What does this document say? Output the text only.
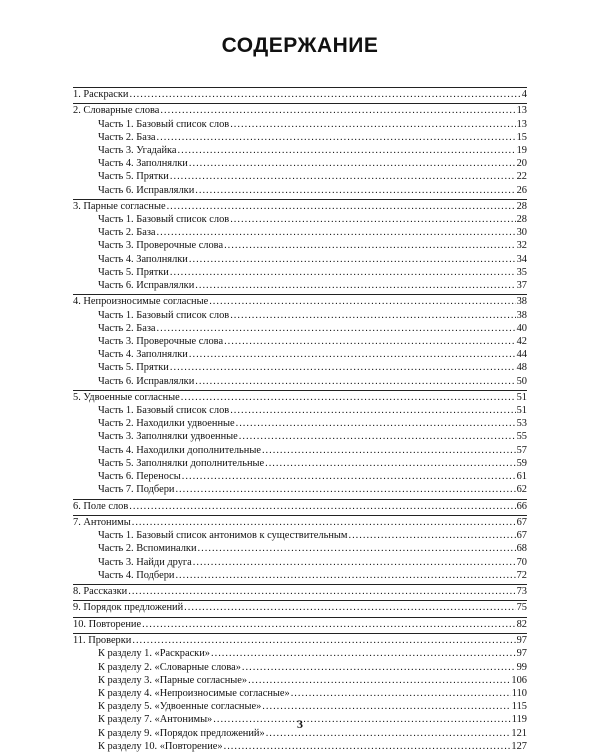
СОДЕРЖАНИЕ
1. Раскраски .....	4
2. Словарные слова .....	13
Часть 1. Базовый список слов .....	13
Часть 2. База .....	15
Часть 3. Угадайка .....	19
Часть 4. Заполнялки .....	20
Часть 5. Прятки .....	22
Часть 6. Исправлялки .....	26
3. Парные согласные .....	28
Часть 1. Базовый список слов .....	28
Часть 2. База .....	30
Часть 3. Проверочные слова .....	32
Часть 4. Заполнялки .....	34
Часть 5. Прятки .....	35
Часть 6. Исправлялки .....	37
4. Непроизносимые согласные .....	38
Часть 1. Базовый список слов .....	38
Часть 2. База .....	40
Часть 3. Проверочные слова .....	42
Часть 4. Заполнялки .....	44
Часть 5. Прятки .....	48
Часть 6. Исправлялки .....	50
5. Удвоенные согласные .....	51
Часть 1. Базовый список слов .....	51
Часть 2. Находилки удвоенные .....	53
Часть 3. Заполнялки удвоенные .....	55
Часть 4. Находилки дополнительные .....	57
Часть 5. Заполнялки дополнительные .....	59
Часть 6. Переносы .....	61
Часть 7. Подбери .....	62
6. Поле слов .....	66
7. Антонимы .....	67
Часть 1. Базовый список антонимов к существительным .....	67
Часть 2. Вспоминалки .....	68
Часть 3. Найди друга .....	70
Часть 4. Подбери .....	72
8. Рассказки .....	73
9. Порядок предложений .....	75
10. Повторение .....	82
11. Проверки .....	97
К разделу 1. «Раскраски» .....	97
К разделу 2. «Словарные слова» .....	99
К разделу 3. «Парные согласные» .....	106
К разделу 4. «Непроизносимые согласные» .....	110
К разделу 5. «Удвоенные согласные» .....	115
К разделу 7. «Антонимы» .....	119
К разделу 9. «Порядок предложений» .....	121
К разделу 10. «Повторение» .....	127
3
